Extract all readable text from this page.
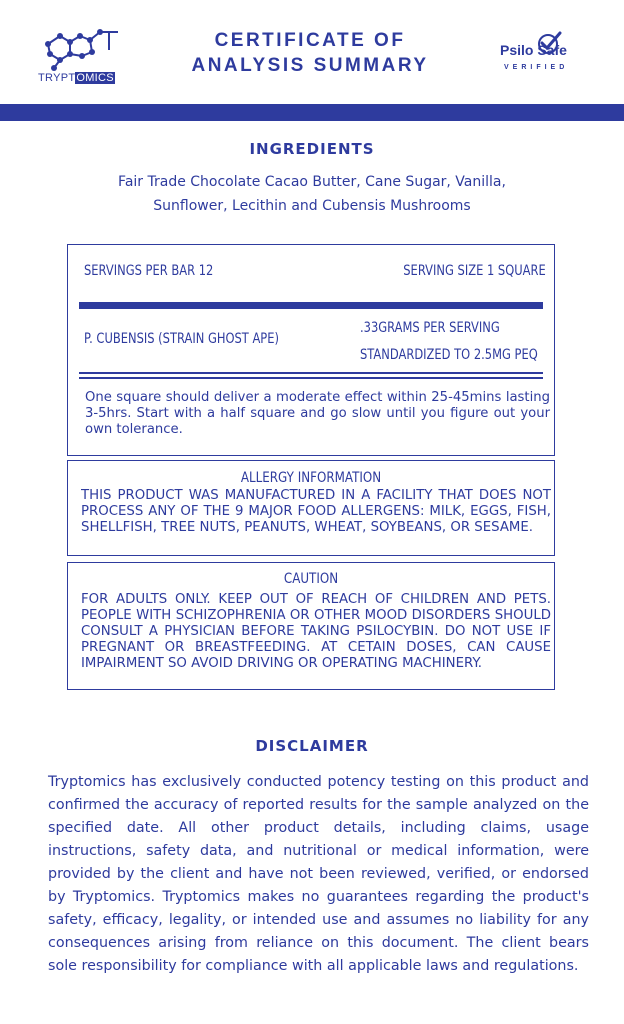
TRYPTOMICS
CERTIFICATE OF
ANALYSIS SUMMARY
Psilo Safe
VERIFIED
INGREDIENTS
Fair Trade Chocolate Cacao Butter, Cane Sugar, Vanilla, Sunflower, Lecithin and Cubensis Mushrooms
SERVINGS PER BAR 12	SERVING SIZE 1 SQUARE
P. CUBENSIS (STRAIN GHOST APE)
.33GRAMS PER SERVING
STANDARDIZED TO 2.5MG PEQ
One square should deliver a moderate effect within 25-45mins lasting 3-5hrs. Start with a half square and go slow until you figure out your own tolerance.
ALLERGY INFORMATION
THIS PRODUCT WAS MANUFACTURED IN A FACILITY THAT DOES NOT PROCESS ANY OF THE 9 MAJOR FOOD ALLERGENS: MILK, EGGS, FISH, SHELLFISH, TREE NUTS, PEANUTS, WHEAT, SOYBEANS, OR SESAME.
CAUTION
FOR ADULTS ONLY. KEEP OUT OF REACH OF CHILDREN AND PETS. PEOPLE WITH SCHIZOPHRENIA OR OTHER MOOD DISORDERS SHOULD CONSULT A PHYSICIAN BEFORE TAKING PSILOCYBIN. DO NOT USE IF PREGNANT OR BREASTFEEDING. AT CETAIN DOSES, CAN CAUSE IMPAIRMENT SO AVOID DRIVING OR OPERATING MACHINERY.
DISCLAIMER
Tryptomics has exclusively conducted potency testing on this product and confirmed the accuracy of reported results for the sample analyzed on the specified date. All other product details, including claims, usage instructions, safety data, and nutritional or medical information, were provided by the client and have not been reviewed, verified, or endorsed by Tryptomics. Tryptomics makes no guarantees regarding the product's safety, efficacy, legality, or intended use and assumes no liability for any consequences arising from reliance on this document. The client bears sole responsibility for compliance with all applicable laws and regulations.
